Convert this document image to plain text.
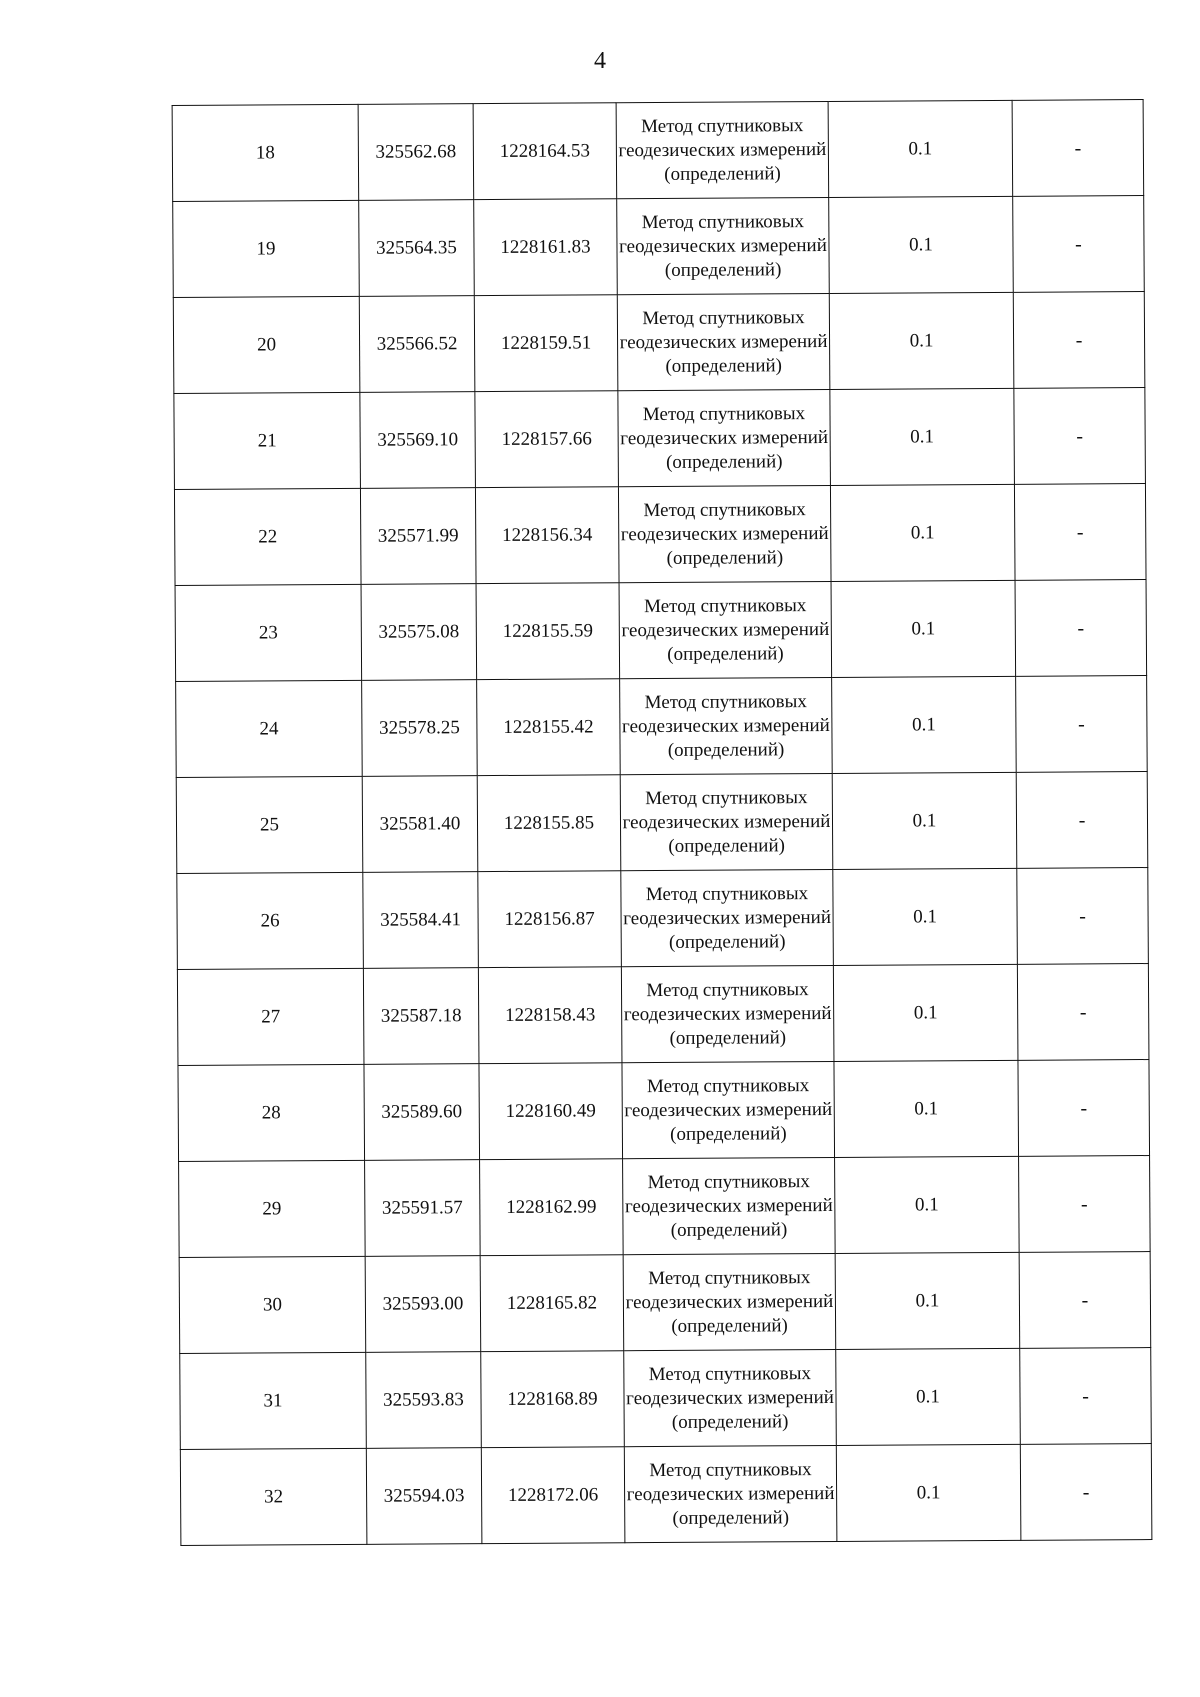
4
18	325562.68	1228164.53	Метод спутниковых геодезических измерений (определений)	0.1	-
19	325564.35	1228161.83	Метод спутниковых геодезических измерений (определений)	0.1	-
20	325566.52	1228159.51	Метод спутниковых геодезических измерений (определений)	0.1	-
21	325569.10	1228157.66	Метод спутниковых геодезических измерений (определений)	0.1	-
22	325571.99	1228156.34	Метод спутниковых геодезических измерений (определений)	0.1	-
23	325575.08	1228155.59	Метод спутниковых геодезических измерений (определений)	0.1	-
24	325578.25	1228155.42	Метод спутниковых геодезических измерений (определений)	0.1	-
25	325581.40	1228155.85	Метод спутниковых геодезических измерений (определений)	0.1	-
26	325584.41	1228156.87	Метод спутниковых геодезических измерений (определений)	0.1	-
27	325587.18	1228158.43	Метод спутниковых геодезических измерений (определений)	0.1	-
28	325589.60	1228160.49	Метод спутниковых геодезических измерений (определений)	0.1	-
29	325591.57	1228162.99	Метод спутниковых геодезических измерений (определений)	0.1	-
30	325593.00	1228165.82	Метод спутниковых геодезических измерений (определений)	0.1	-
31	325593.83	1228168.89	Метод спутниковых геодезических измерений (определений)	0.1	-
32	325594.03	1228172.06	Метод спутниковых геодезических измерений (определений)	0.1	-
